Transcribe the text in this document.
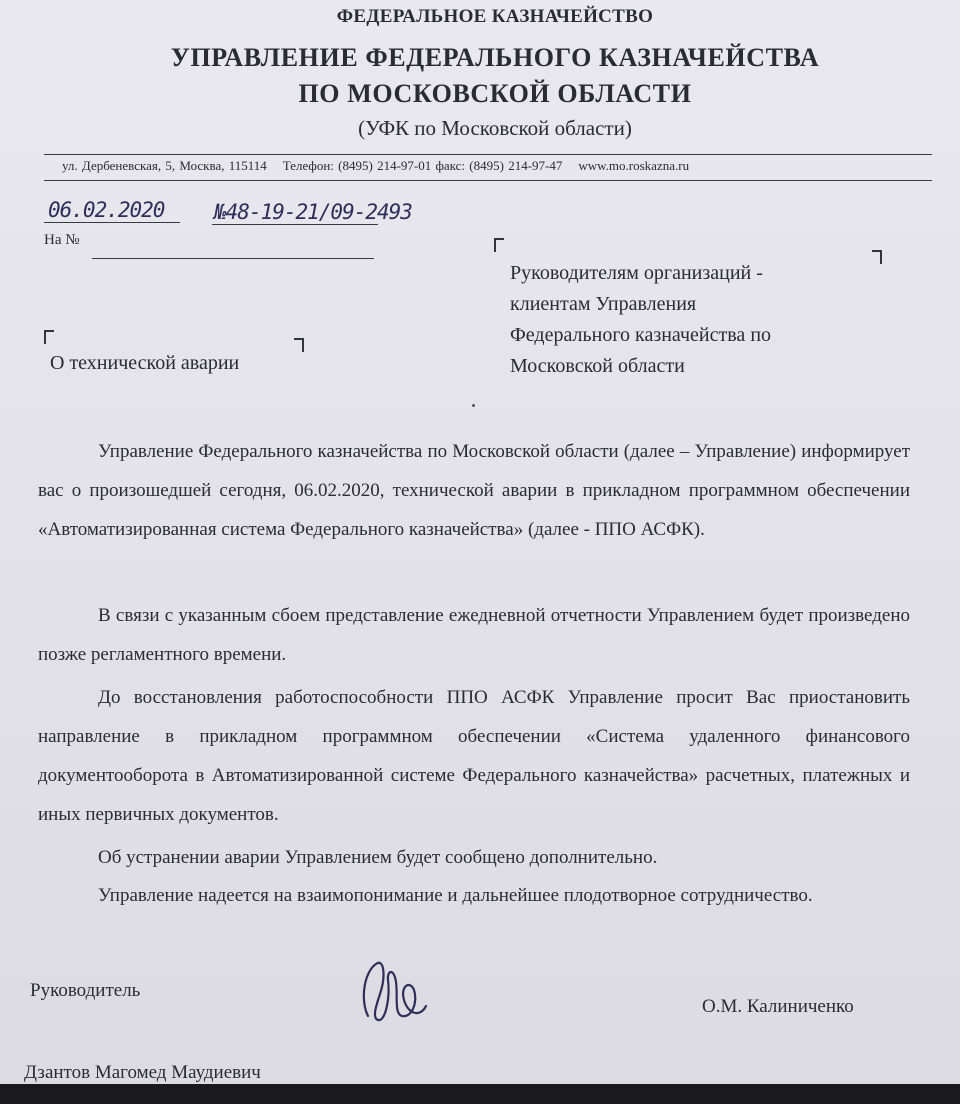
ФЕДЕРАЛЬНОЕ КАЗНАЧЕЙСТВО
УПРАВЛЕНИЕ ФЕДЕРАЛЬНОГО КАЗНАЧЕЙСТВА
ПО МОСКОВСКОЙ ОБЛАСТИ
(УФК по Московской области)
ул. Дербеневская, 5, Москва, 115114 Телефон: (8495) 214-97-01 факс: (8495) 214-97-47 www.mo.roskazna.ru
06.02.2020 №48-19-21/09-2493
На №
Руководителям организаций -
клиентам Управления
Федерального казначейства по
Московской области
О технической аварии
Управление Федерального казначейства по Московской области (далее – Управление) информирует вас о произошедшей сегодня, 06.02.2020, технической аварии в прикладном программном обеспечении «Автоматизированная система Федерального казначейства» (далее - ППО АСФК).
В связи с указанным сбоем представление ежедневной отчетности Управлением будет произведено позже регламентного времени.
До восстановления работоспособности ППО АСФК Управление просит Вас приостановить направление в прикладном программном обеспечении «Система удаленного финансового документооборота в Автоматизированной системе Федерального казначейства» расчетных, платежных и иных первичных документов.
Об устранении аварии Управлением будет сообщено дополнительно.
Управление надеется на взаимопонимание и дальнейшее плодотворное сотрудничество.
Руководитель
О.М. Калиниченко
Дзантов Магомед Маудиевич
